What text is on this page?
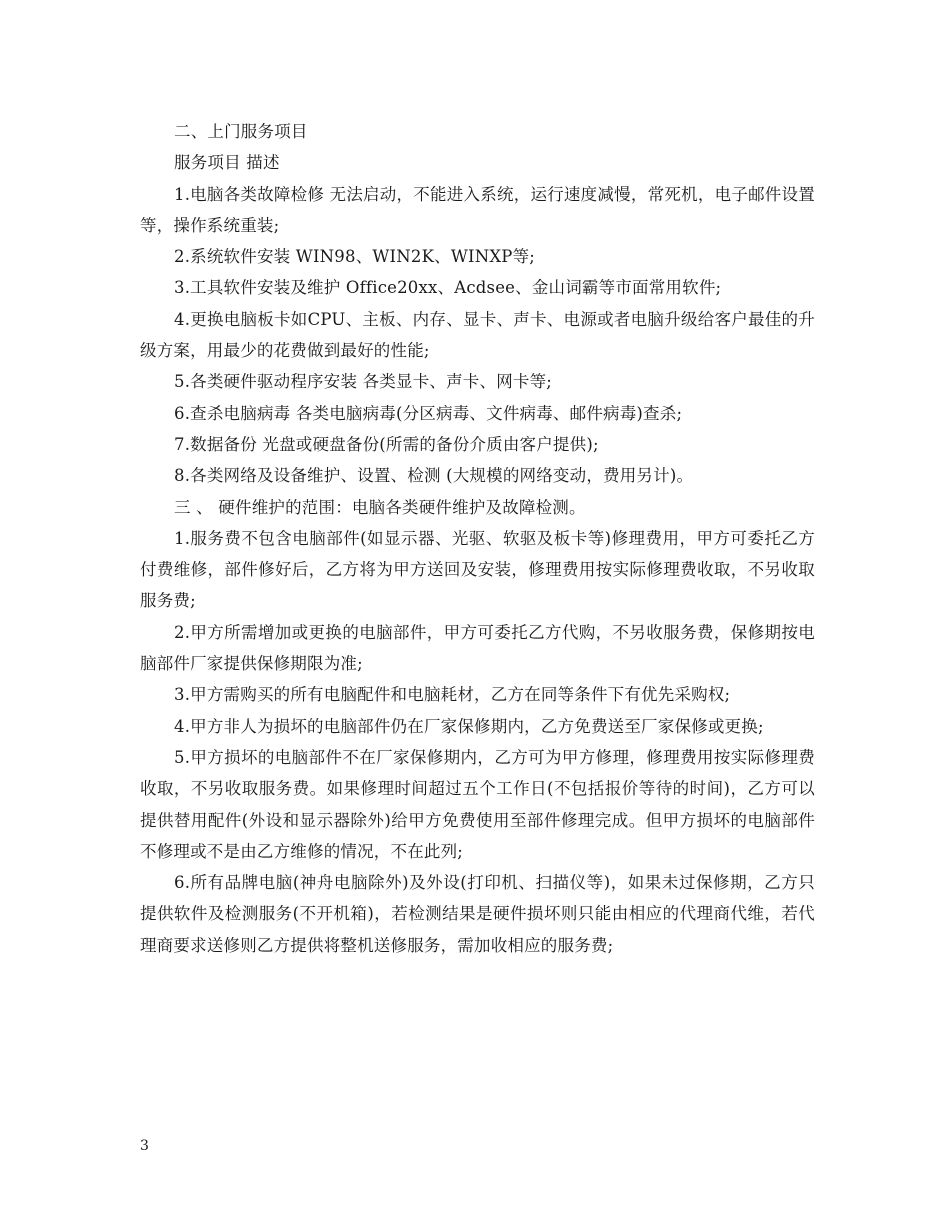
二、上门服务项目

服务项目 描述

1.电脑各类故障检修 无法启动，不能进入系统，运行速度减慢，常死机，电子邮件设置等，操作系统重装;

2.系统软件安装 WIN98、WIN2K、WINXP等;

3.工具软件安装及维护 Office20xx、Acdsee、金山词霸等市面常用软件;

4.更换电脑板卡如CPU、主板、内存、显卡、声卡、电源或者电脑升级给客户最佳的升级方案，用最少的花费做到最好的性能;

5.各类硬件驱动程序安装 各类显卡、声卡、网卡等;

6.查杀电脑病毒 各类电脑病毒(分区病毒、文件病毒、邮件病毒)查杀;

7.数据备份 光盘或硬盘备份(所需的备份介质由客户提供);

8.各类网络及设备维护、设置、检测 (大规模的网络变动，费用另计)。

三 、 硬件维护的范围：电脑各类硬件维护及故障检测。

1.服务费不包含电脑部件(如显示器、光驱、软驱及板卡等)修理费用，甲方可委托乙方付费维修，部件修好后，乙方将为甲方送回及安装，修理费用按实际修理费收取，不另收取服务费;

2.甲方所需增加或更换的电脑部件，甲方可委托乙方代购，不另收服务费，保修期按电脑部件厂家提供保修期限为准;

3.甲方需购买的所有电脑配件和电脑耗材，乙方在同等条件下有优先采购权;

4.甲方非人为损坏的电脑部件仍在厂家保修期内，乙方免费送至厂家保修或更换;

5.甲方损坏的电脑部件不在厂家保修期内，乙方可为甲方修理，修理费用按实际修理费收取，不另收取服务费。如果修理时间超过五个工作日(不包括报价等待的时间)，乙方可以提供替用配件(外设和显示器除外)给甲方免费使用至部件修理完成。但甲方损坏的电脑部件不修理或不是由乙方维修的情况，不在此列;

6.所有品牌电脑(神舟电脑除外)及外设(打印机、扫描仪等)，如果未过保修期，乙方只提供软件及检测服务(不开机箱)，若检测结果是硬件损坏则只能由相应的代理商代维，若代理商要求送修则乙方提供将整机送修服务，需加收相应的服务费;

3
